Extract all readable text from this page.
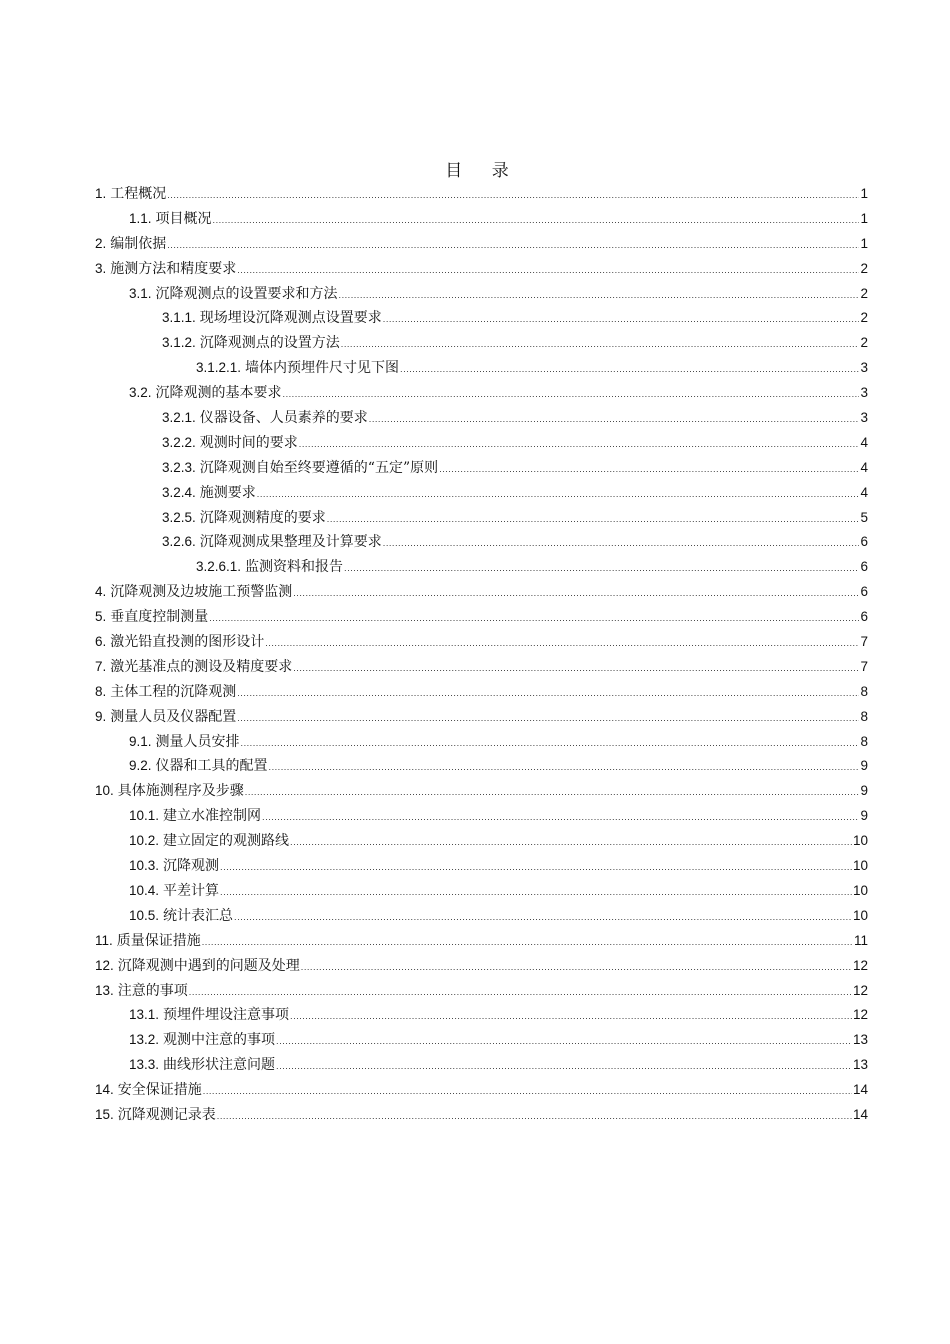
目 录
1. 工程概况 .....	1
1.1. 项目概况 .....	1
2. 编制依据 .....	1
3. 施测方法和精度要求 .....	2
3.1. 沉降观测点的设置要求和方法 .....	2
3.1.1. 现场埋设沉降观测点设置要求 .....	2
3.1.2. 沉降观测点的设置方法 .....	2
3.1.2.1. 墙体内预埋件尺寸见下图 .....	3
3.2. 沉降观测的基本要求 .....	3
3.2.1. 仪器设备、人员素养的要求 .....	3
3.2.2. 观测时间的要求 .....	4
3.2.3. 沉降观测自始至终要遵循的“五定”原则 .....	4
3.2.4. 施测要求 .....	4
3.2.5. 沉降观测精度的要求 .....	5
3.2.6. 沉降观测成果整理及计算要求 .....	6
3.2.6.1. 监测资料和报告 .....	6
4. 沉降观测及边坡施工预警监测 .....	6
5. 垂直度控制测量 .....	6
6. 激光铅直投测的图形设计 .....	7
7. 激光基准点的测设及精度要求 .....	7
8. 主体工程的沉降观测 .....	8
9. 测量人员及仪器配置 .....	8
9.1. 测量人员安排 .....	8
9.2. 仪器和工具的配置 .....	9
10. 具体施测程序及步骤 .....	9
10.1. 建立水准控制网 .....	9
10.2. 建立固定的观测路线 .....	10
10.3. 沉降观测 .....	10
10.4. 平差计算 .....	10
10.5. 统计表汇总 .....	10
11. 质量保证措施 .....	11
12. 沉降观测中遇到的问题及处理 .....	12
13. 注意的事项 .....	12
13.1. 预埋件埋设注意事项 .....	12
13.2. 观测中注意的事项 .....	13
13.3. 曲线形状注意问题 .....	13
14. 安全保证措施 .....	14
15. 沉降观测记录表 .....	14
